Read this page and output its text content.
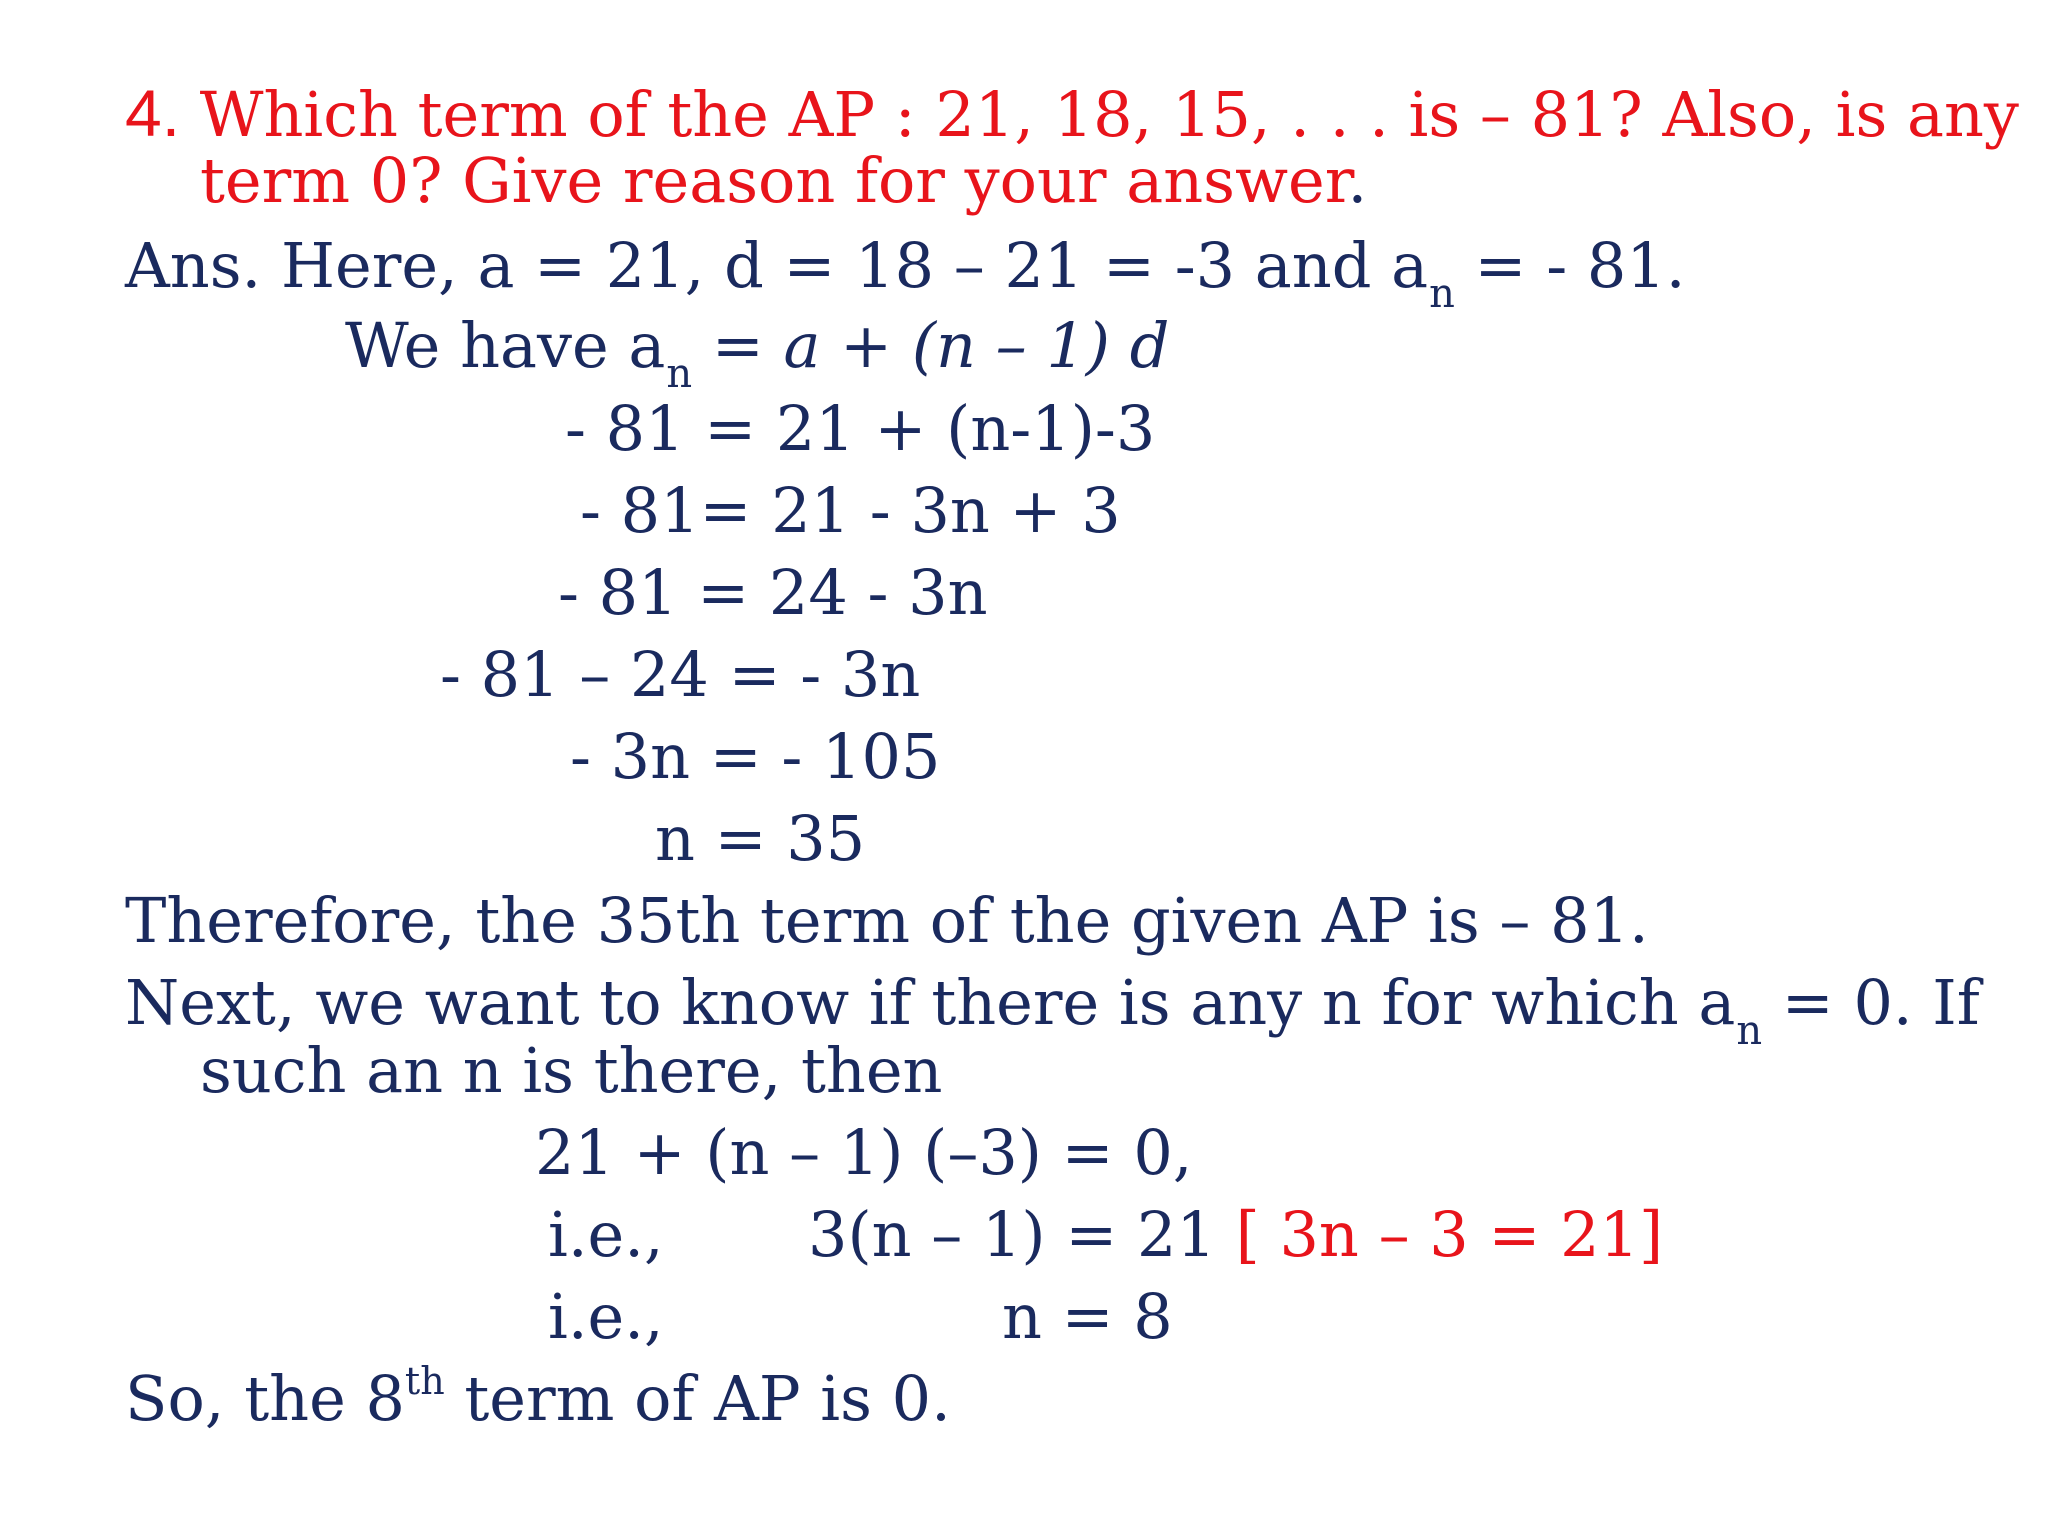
4. Which term of the AP : 21, 18, 15, . . . is – 81? Also, is any
term 0? Give reason for your answer.
Ans. Here, a = 21, d = 18 – 21 = -3 and $a_n$ = - 81.
We have $a_n = a + (n - 1)$ d
- 81 = 21 + (n-1)-3
- 81= 21 - 3n + 3
- 81 = 24 - 3n
- 81 – 24 = - 3n
- 3n = - 105
n = 35
Therefore, the 35th term of the given AP is – 81.
Next, we want to know if there is any n for which $a_n = 0$. If
such an n is there, then
21 + (n – 1) (–3) = 0,
i.e., 3(n – 1) = 21 [ 3n – 3 = 21]
i.e.,	n = 8
So, the 8th term of AP is 0.
